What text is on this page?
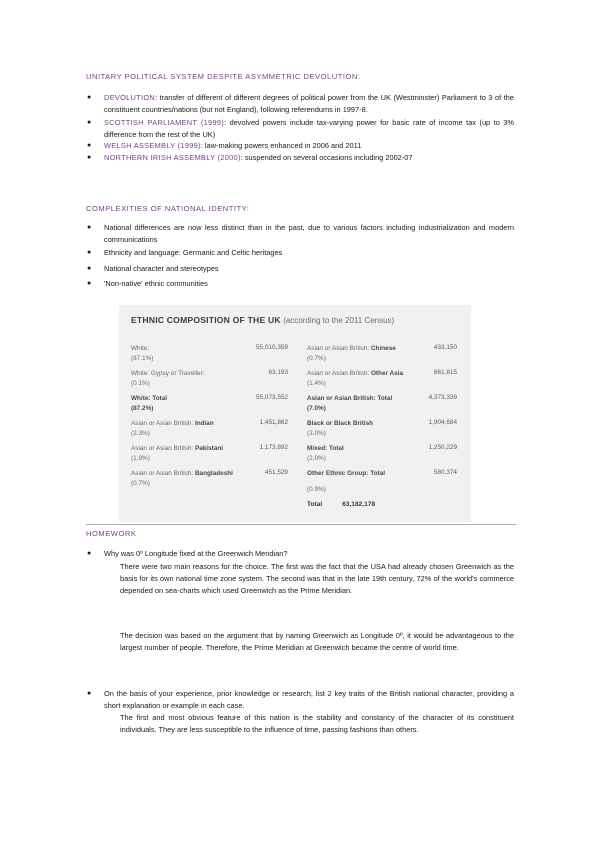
UNITARY POLITICAL SYSTEM DESPITE ASYMMETRIC DEVOLUTION:
● DEVOLUTION: transfer of different of different degrees of political power from the UK (Westminster) Parliament to 3 of the constituent countries/nations (but not England), following referendums in 1997-8.
● SCOTTISH PARLIAMENT (1999): devolved powers include tax-varying power for basic rate of income tax (up to 3% difference from the rest of the UK)
● WELSH ASSEMBLY (1999): law-making powers enhanced in 2006 and 2011
● NORTHERN IRISH ASSEMBLY (2000): suspended on several occasions including 2002-07
COMPLEXITIES OF NATIONAL IDENTITY:
● National differences are now less distinct than in the past, due to various factors including industrialization and modern communications
● Ethnicity and language: Germanic and Celtic heritages
● National character and stereotypes
● 'Non-native' ethnic communities
ETHNIC COMPOSITION OF THE UK (according to the 2011 Census)
White:
(87.1%)
55,010,359
White: Gypsy or Traveller:
(0.1%)
63,193
White: Total
(87.2%)
55,073,552
Asian or Asian British: Indian
(2.3%)
1,451,862
Asian or Asian British: Pakistani
(1.9%)
1,173,892
Asian or Asian British: Bangladeshi
(0.7%)
451,529
Asian or Asian British: Chinese
(0.7%)
433,150
Asian or Asian British: Other Asia
(1.4%)
861,815
Asian or Asian British: Total
(7.0%)
4,373,339
Black or Black British
(3.0%)
1,904,684
Mixed: Total
(2.0%)
1,250,229
Other Ethnic Group: Total
(0.9%)
580,374
Total	63,182,178
HOMEWORK
● Why was 0º Longitude fixed at the Greenwich Meridian?
There were two main reasons for the choice. The first was the fact that the USA had already chosen Greenwich as the basis for its own national time zone system. The second was that in the late 19th century, 72% of the world's commerce depended on sea-charts which used Greenwich as the Prime Meridian.
The decision was based on the argument that by naming Greenwich as Longitude 0º, it would be advantageous to the largest number of people. Therefore, the Prime Meridian at Greenwich became the centre of world time.
● On the basis of your experience, prior knowledge or research, list 2 key traits of the British national character, providing a short explanation or example in each case.
The first and most obvious feature of this nation is the stability and constancy of the character of its constituent individuals. They are less susceptible to the influence of time, passing fashions than others.
